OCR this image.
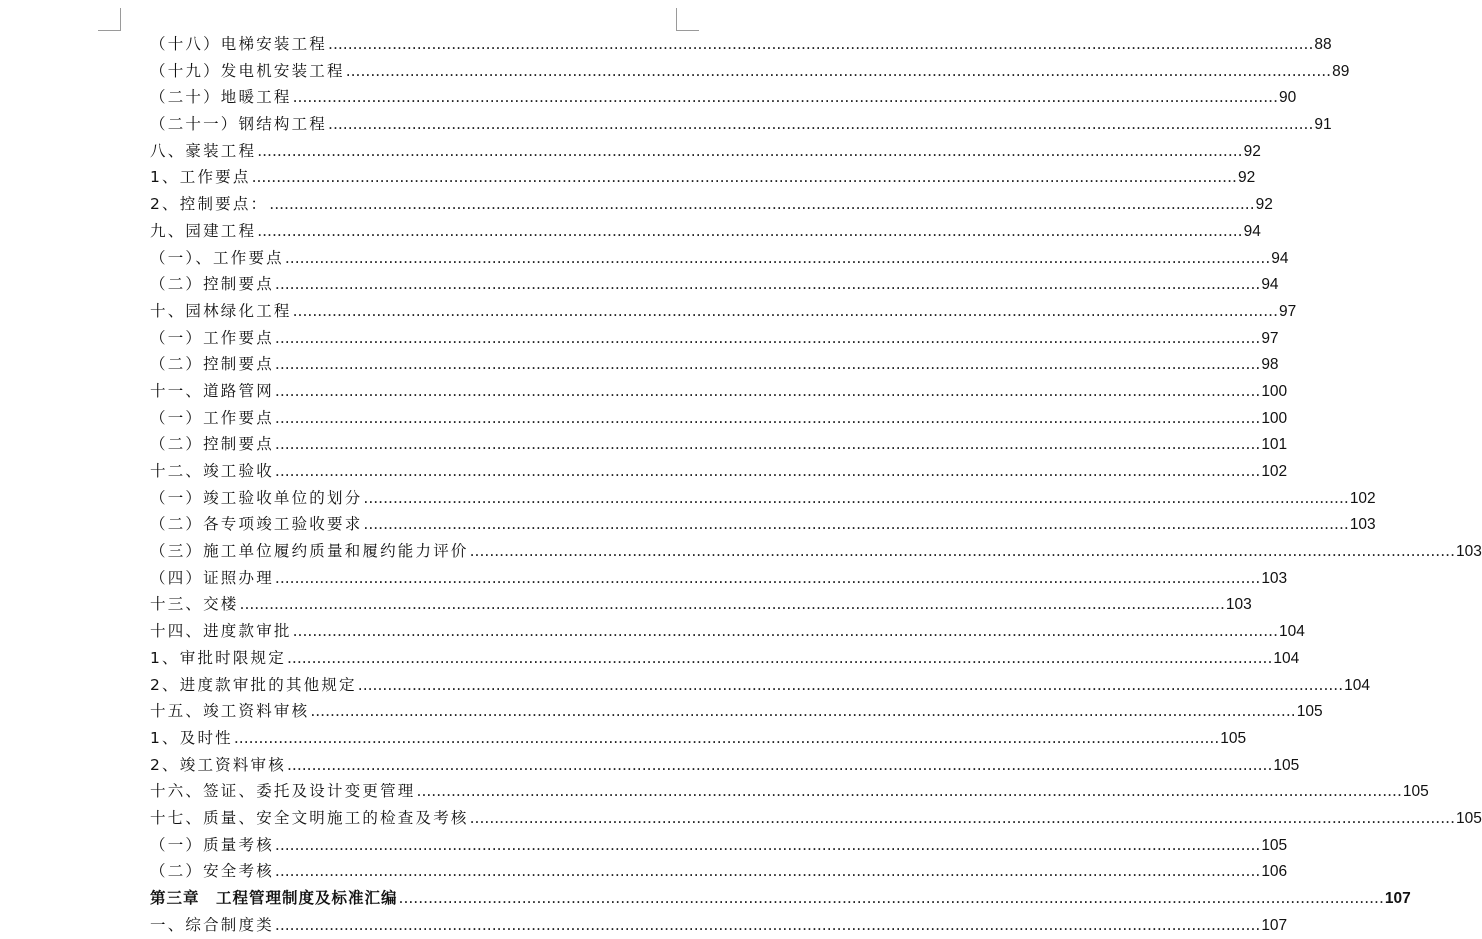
（十八）电梯安装工程 ........................................................................................................................................................................................................ 88
（十九）发电机安装工程 ........................................................................................................................................................................................................ 89
（二十）地暖工程 ........................................................................................................................................................................................................ 90
（二十一）钢结构工程 ........................................................................................................................................................................................................ 91
八、豪装工程 ........................................................................................................................................................................................................ 92
1、工作要点 ........................................................................................................................................................................................................ 92
2、控制要点： ........................................................................................................................................................................................................ 92
九、园建工程 ........................................................................................................................................................................................................ 94
（一）、工作要点 ........................................................................................................................................................................................................ 94
（二）控制要点 ........................................................................................................................................................................................................ 94
十、园林绿化工程 ........................................................................................................................................................................................................ 97
（一）工作要点 ........................................................................................................................................................................................................ 97
（二）控制要点 ........................................................................................................................................................................................................ 98
十一、道路管网 ........................................................................................................................................................................................................ 100
（一）工作要点 ........................................................................................................................................................................................................ 100
（二）控制要点 ........................................................................................................................................................................................................ 101
十二、竣工验收 ........................................................................................................................................................................................................ 102
（一）竣工验收单位的划分 ........................................................................................................................................................................................................ 102
（二）各专项竣工验收要求 ........................................................................................................................................................................................................ 103
（三）施工单位履约质量和履约能力评价 ........................................................................................................................................................................................................ 103
（四）证照办理 ........................................................................................................................................................................................................ 103
十三、交楼 ........................................................................................................................................................................................................ 103
十四、进度款审批 ........................................................................................................................................................................................................ 104
1、审批时限规定 ........................................................................................................................................................................................................ 104
2、进度款审批的其他规定 ........................................................................................................................................................................................................ 104
十五、竣工资料审核 ........................................................................................................................................................................................................ 105
1、及时性 ........................................................................................................................................................................................................ 105
2、竣工资料审核 ........................................................................................................................................................................................................ 105
十六、签证、委托及设计变更管理 ........................................................................................................................................................................................................ 105
十七、质量、安全文明施工的检查及考核 ........................................................................................................................................................................................................ 105
（一）质量考核 ........................................................................................................................................................................................................ 105
（二）安全考核 ........................................................................................................................................................................................................ 106
第三章　工程管理制度及标准汇编 ........................................................................................................................................................................................................ 107
一、综合制度类 ........................................................................................................................................................................................................ 107
